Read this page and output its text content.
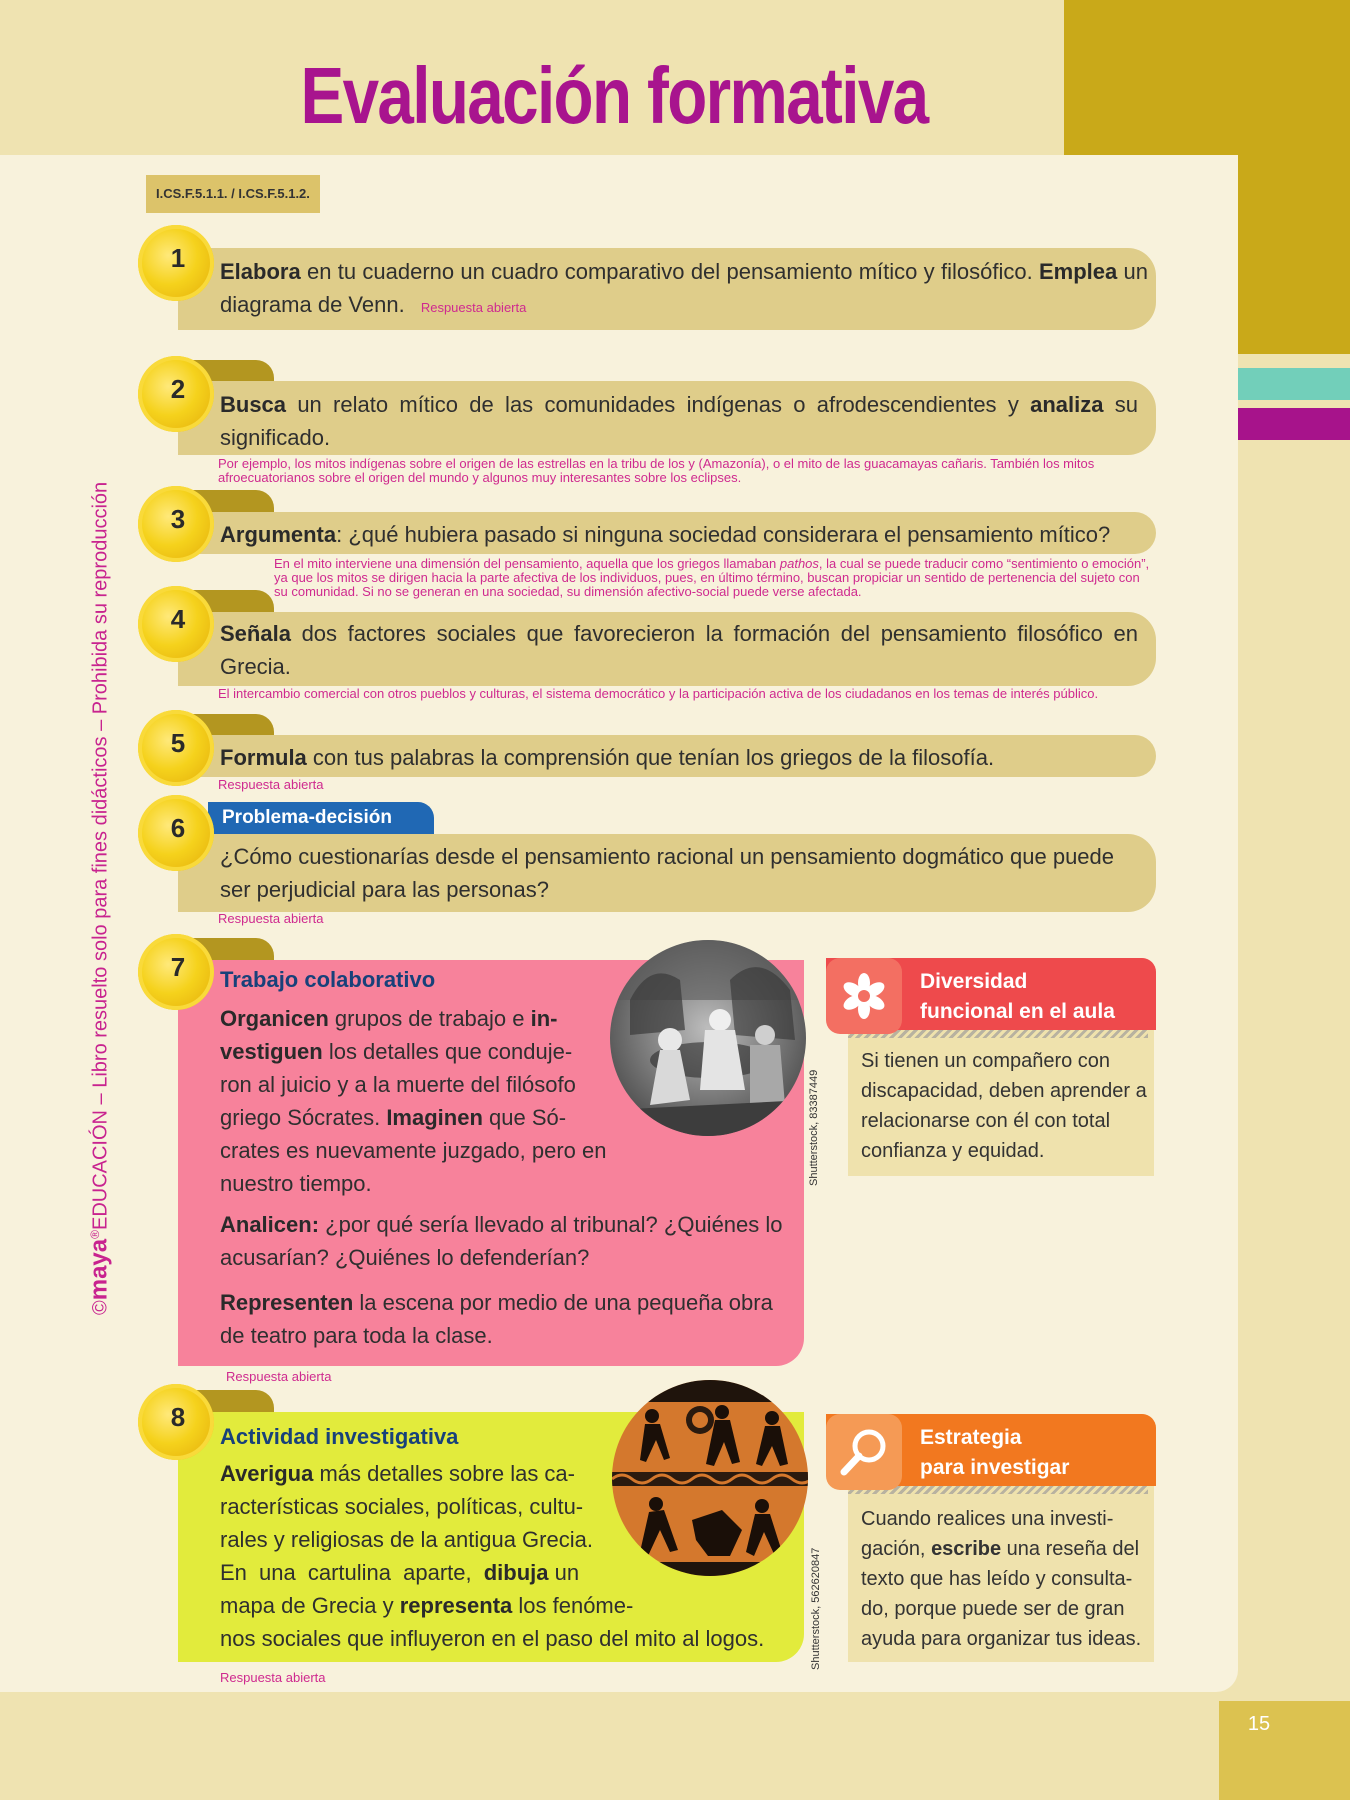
15
Evaluación formativa
I.CS.F.5.1.1. / I.CS.F.5.1.2.
©maya®EDUCACIÓN – Libro resuelto solo para fines didácticos – Prohibida su reproducción
1	Elabora en tu cuaderno un cuadro comparativo del pensamiento mítico y filosófico. Emplea un diagrama de Venn. Respuesta abierta
2
Busca un relato mítico de las comunidades indígenas o afrodescendientes y analiza su significado.
Por ejemplo, los mitos indígenas sobre el origen de las estrellas en la tribu de los y (Amazonía), o el mito de las guacamayas cañaris. También los mitos afroecuatorianos sobre el origen del mundo y algunos muy interesantes sobre los eclipses.
3
Argumenta: ¿qué hubiera pasado si ninguna sociedad considerara el pensamiento mítico?
En el mito interviene una dimensión del pensamiento, aquella que los griegos llamaban pathos, la cual se puede traducir como “sentimiento o emoción”, ya que los mitos se dirigen hacia la parte afectiva de los individuos, pues, en último término, buscan propiciar un sentido de pertenencia del sujeto con su comunidad. Si no se generan en una sociedad, su dimensión afectivo-social puede verse afectada.
4	Señala dos factores sociales que favorecieron la formación del pensamiento filosófico en Grecia.
El intercambio comercial con otros pueblos y culturas, el sistema democrático y la participación activa de los ciudadanos en los temas de interés público.
5	Formula con tus palabras la comprensión que tenían los griegos de la filosofía.
Respuesta abierta
Problema-decisión
6
¿Cómo cuestionarías desde el pensamiento racional un pensamiento dogmático que puede ser perjudicial para las personas?
Respuesta abierta
7
Shutterstock, 83387449
Trabajo colaborativo
Organicen grupos de trabajo e in-
vestiguen los detalles que conduje-
ron al juicio y a la muerte del filósofo
griego Sócrates. Imaginen que Só-
crates es nuevamente juzgado, pero en
nuestro tiempo.
Analicen: ¿por qué sería llevado al tribunal? ¿Quiénes lo acusarían? ¿Quiénes lo defenderían?
Representen la escena por medio de una pequeña obra de teatro para toda la clase.
Respuesta abierta
Diversidad
funcional en el aula
Si tienen un compañero con discapacidad, deben aprender a relacionarse con él con total confianza y equidad.
8
Shutterstock, 562620847
Actividad investigativa
Averigua más detalles sobre las ca-
racterísticas sociales, políticas, cultu-
rales y religiosas de la antigua Grecia.
En una cartulina aparte, dibuja un
mapa de Grecia y representa los fenóme-
nos sociales que influyeron en el paso del mito al logos.
Respuesta abierta
Estrategia
para investigar
Cuando realices una investi-gación, escribe una reseña del texto que has leído y consulta-do, porque puede ser de gran ayuda para organizar tus ideas.
